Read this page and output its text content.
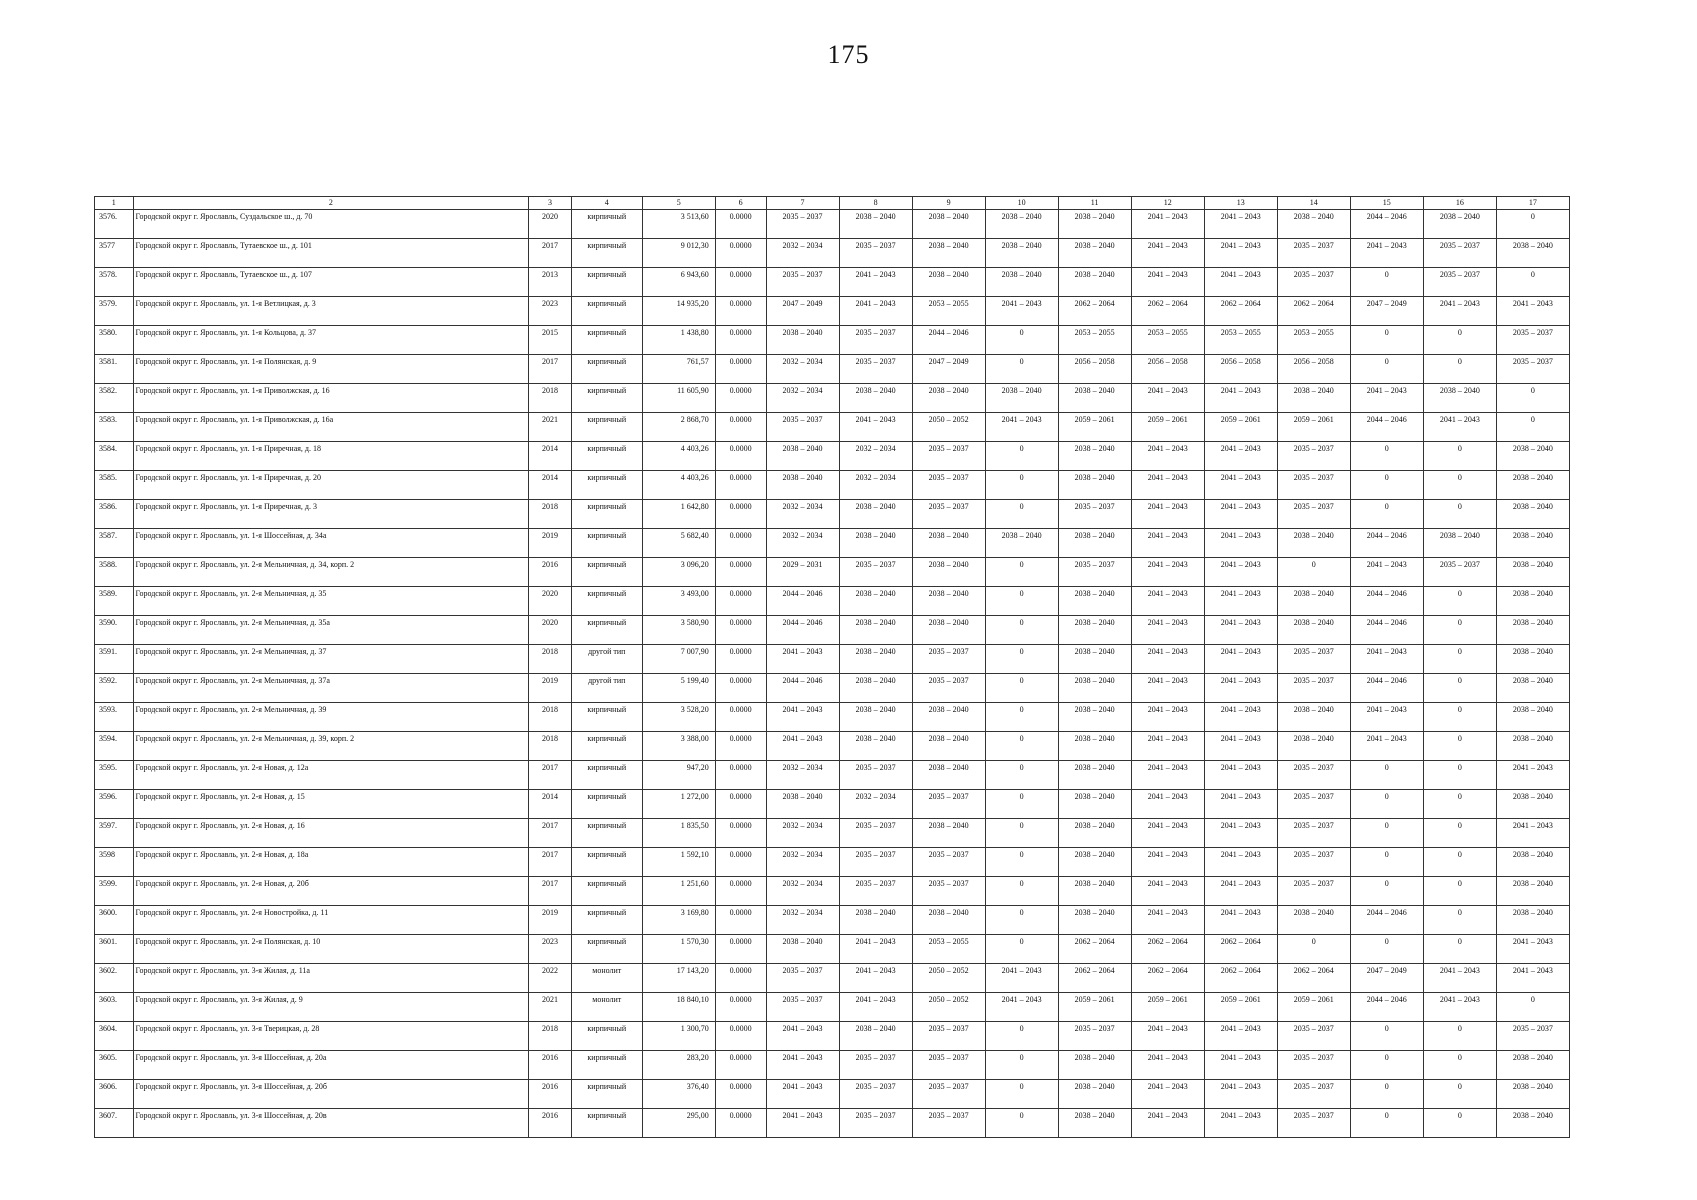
175
1	2	3	4	5	6	7	8	9	10	11	12	13	14	15	16	17
3576.	Городской округ г. Ярославль, Суздальское ш., д. 70	2020	кирпичный	3 513,60	0.0000	2035 – 2037	2038 – 2040	2038 – 2040	2038 – 2040	2038 – 2040	2041 – 2043	2041 – 2043	2038 – 2040	2044 – 2046	2038 – 2040	0
3577	Городской округ г. Ярославль, Тутаевское ш., д. 101	2017	кирпичный	9 012,30	0.0000	2032 – 2034	2035 – 2037	2038 – 2040	2038 – 2040	2038 – 2040	2041 – 2043	2041 – 2043	2035 – 2037	2041 – 2043	2035 – 2037	2038 – 2040
3578.	Городской округ г. Ярославль, Тутаевское ш., д. 107	2013	кирпичный	6 943,60	0.0000	2035 – 2037	2041 – 2043	2038 – 2040	2038 – 2040	2038 – 2040	2041 – 2043	2041 – 2043	2035 – 2037	0	2035 – 2037	0
3579.	Городской округ г. Ярославль, ул. 1-я Ветлицкая, д. 3	2023	кирпичный	14 935,20	0.0000	2047 – 2049	2041 – 2043	2053 – 2055	2041 – 2043	2062 – 2064	2062 – 2064	2062 – 2064	2062 – 2064	2047 – 2049	2041 – 2043	2041 – 2043
3580.	Городской округ г. Ярославль, ул. 1-я Кольцова, д. 37	2015	кирпичный	1 438,80	0.0000	2038 – 2040	2035 – 2037	2044 – 2046	0	2053 – 2055	2053 – 2055	2053 – 2055	2053 – 2055	0	0	2035 – 2037
3581.	Городской округ г. Ярославль, ул. 1-я Полянская, д. 9	2017	кирпичный	761,57	0.0000	2032 – 2034	2035 – 2037	2047 – 2049	0	2056 – 2058	2056 – 2058	2056 – 2058	2056 – 2058	0	0	2035 – 2037
3582.	Городской округ г. Ярославль, ул. 1-я Приволжская, д. 16	2018	кирпичный	11 605,90	0.0000	2032 – 2034	2038 – 2040	2038 – 2040	2038 – 2040	2038 – 2040	2041 – 2043	2041 – 2043	2038 – 2040	2041 – 2043	2038 – 2040	0
3583.	Городской округ г. Ярославль, ул. 1-я Приволжская, д. 16а	2021	кирпичный	2 868,70	0.0000	2035 – 2037	2041 – 2043	2050 – 2052	2041 – 2043	2059 – 2061	2059 – 2061	2059 – 2061	2059 – 2061	2044 – 2046	2041 – 2043	0
3584.	Городской округ г. Ярославль, ул. 1-я Приречная, д. 18	2014	кирпичный	4 403,26	0.0000	2038 – 2040	2032 – 2034	2035 – 2037	0	2038 – 2040	2041 – 2043	2041 – 2043	2035 – 2037	0	0	2038 – 2040
3585.	Городской округ г. Ярославль, ул. 1-я Приречная, д. 20	2014	кирпичный	4 403,26	0.0000	2038 – 2040	2032 – 2034	2035 – 2037	0	2038 – 2040	2041 – 2043	2041 – 2043	2035 – 2037	0	0	2038 – 2040
3586.	Городской округ г. Ярославль, ул. 1-я Приречная, д. 3	2018	кирпичный	1 642,80	0.0000	2032 – 2034	2038 – 2040	2035 – 2037	0	2035 – 2037	2041 – 2043	2041 – 2043	2035 – 2037	0	0	2038 – 2040
3587.	Городской округ г. Ярославль, ул. 1-я Шоссейная, д. 34а	2019	кирпичный	5 682,40	0.0000	2032 – 2034	2038 – 2040	2038 – 2040	2038 – 2040	2038 – 2040	2041 – 2043	2041 – 2043	2038 – 2040	2044 – 2046	2038 – 2040	2038 – 2040
3588.	Городской округ г. Ярославль, ул. 2-я Мельничная, д. 34, корп. 2	2016	кирпичный	3 096,20	0.0000	2029 – 2031	2035 – 2037	2038 – 2040	0	2035 – 2037	2041 – 2043	2041 – 2043	0	2041 – 2043	2035 – 2037	2038 – 2040
3589.	Городской округ г. Ярославль, ул. 2-я Мельничная, д. 35	2020	кирпичный	3 493,00	0.0000	2044 – 2046	2038 – 2040	2038 – 2040	0	2038 – 2040	2041 – 2043	2041 – 2043	2038 – 2040	2044 – 2046	0	2038 – 2040
3590.	Городской округ г. Ярославль, ул. 2-я Мельничная, д. 35а	2020	кирпичный	3 580,90	0.0000	2044 – 2046	2038 – 2040	2038 – 2040	0	2038 – 2040	2041 – 2043	2041 – 2043	2038 – 2040	2044 – 2046	0	2038 – 2040
3591.	Городской округ г. Ярославль, ул. 2-я Мельничная, д. 37	2018	другой тип	7 007,90	0.0000	2041 – 2043	2038 – 2040	2035 – 2037	0	2038 – 2040	2041 – 2043	2041 – 2043	2035 – 2037	2041 – 2043	0	2038 – 2040
3592.	Городской округ г. Ярославль, ул. 2-я Мельничная, д. 37а	2019	другой тип	5 199,40	0.0000	2044 – 2046	2038 – 2040	2035 – 2037	0	2038 – 2040	2041 – 2043	2041 – 2043	2035 – 2037	2044 – 2046	0	2038 – 2040
3593.	Городской округ г. Ярославль, ул. 2-я Мельничная, д. 39	2018	кирпичный	3 528,20	0.0000	2041 – 2043	2038 – 2040	2038 – 2040	0	2038 – 2040	2041 – 2043	2041 – 2043	2038 – 2040	2041 – 2043	0	2038 – 2040
3594.	Городской округ г. Ярославль, ул. 2-я Мельничная, д. 39, корп. 2	2018	кирпичный	3 388,00	0.0000	2041 – 2043	2038 – 2040	2038 – 2040	0	2038 – 2040	2041 – 2043	2041 – 2043	2038 – 2040	2041 – 2043	0	2038 – 2040
3595.	Городской округ г. Ярославль, ул. 2-я Новая, д. 12а	2017	кирпичный	947,20	0.0000	2032 – 2034	2035 – 2037	2038 – 2040	0	2038 – 2040	2041 – 2043	2041 – 2043	2035 – 2037	0	0	2041 – 2043
3596.	Городской округ г. Ярославль, ул. 2-я Новая, д. 15	2014	кирпичный	1 272,00	0.0000	2038 – 2040	2032 – 2034	2035 – 2037	0	2038 – 2040	2041 – 2043	2041 – 2043	2035 – 2037	0	0	2038 – 2040
3597.	Городской округ г. Ярославль, ул. 2-я Новая, д. 16	2017	кирпичный	1 835,50	0.0000	2032 – 2034	2035 – 2037	2038 – 2040	0	2038 – 2040	2041 – 2043	2041 – 2043	2035 – 2037	0	0	2041 – 2043
3598	Городской округ г. Ярославль, ул. 2-я Новая, д. 18а	2017	кирпичный	1 592,10	0.0000	2032 – 2034	2035 – 2037	2035 – 2037	0	2038 – 2040	2041 – 2043	2041 – 2043	2035 – 2037	0	0	2038 – 2040
3599.	Городской округ г. Ярославль, ул. 2-я Новая, д. 20б	2017	кирпичный	1 251,60	0.0000	2032 – 2034	2035 – 2037	2035 – 2037	0	2038 – 2040	2041 – 2043	2041 – 2043	2035 – 2037	0	0	2038 – 2040
3600.	Городской округ г. Ярославль, ул. 2-я Новостройка, д. 11	2019	кирпичный	3 169,80	0.0000	2032 – 2034	2038 – 2040	2038 – 2040	0	2038 – 2040	2041 – 2043	2041 – 2043	2038 – 2040	2044 – 2046	0	2038 – 2040
3601.	Городской округ г. Ярославль, ул. 2-я Полянская, д. 10	2023	кирпичный	1 570,30	0.0000	2038 – 2040	2041 – 2043	2053 – 2055	0	2062 – 2064	2062 – 2064	2062 – 2064	0	0	0	2041 – 2043
3602.	Городской округ г. Ярославль, ул. 3-я Жилая, д. 11а	2022	монолит	17 143,20	0.0000	2035 – 2037	2041 – 2043	2050 – 2052	2041 – 2043	2062 – 2064	2062 – 2064	2062 – 2064	2062 – 2064	2047 – 2049	2041 – 2043	2041 – 2043
3603.	Городской округ г. Ярославль, ул. 3-я Жилая, д. 9	2021	монолит	18 840,10	0.0000	2035 – 2037	2041 – 2043	2050 – 2052	2041 – 2043	2059 – 2061	2059 – 2061	2059 – 2061	2059 – 2061	2044 – 2046	2041 – 2043	0
3604.	Городской округ г. Ярославль, ул. 3-я Тверицкая, д. 28	2018	кирпичный	1 300,70	0.0000	2041 – 2043	2038 – 2040	2035 – 2037	0	2035 – 2037	2041 – 2043	2041 – 2043	2035 – 2037	0	0	2035 – 2037
3605.	Городской округ г. Ярославль, ул. 3-я Шоссейная, д. 20а	2016	кирпичный	283,20	0.0000	2041 – 2043	2035 – 2037	2035 – 2037	0	2038 – 2040	2041 – 2043	2041 – 2043	2035 – 2037	0	0	2038 – 2040
3606.	Городской округ г. Ярославль, ул. 3-я Шоссейная, д. 20б	2016	кирпичный	376,40	0.0000	2041 – 2043	2035 – 2037	2035 – 2037	0	2038 – 2040	2041 – 2043	2041 – 2043	2035 – 2037	0	0	2038 – 2040
3607.	Городской округ г. Ярославль, ул. 3-я Шоссейная, д. 20в	2016	кирпичный	295,00	0.0000	2041 – 2043	2035 – 2037	2035 – 2037	0	2038 – 2040	2041 – 2043	2041 – 2043	2035 – 2037	0	0	2038 – 2040
